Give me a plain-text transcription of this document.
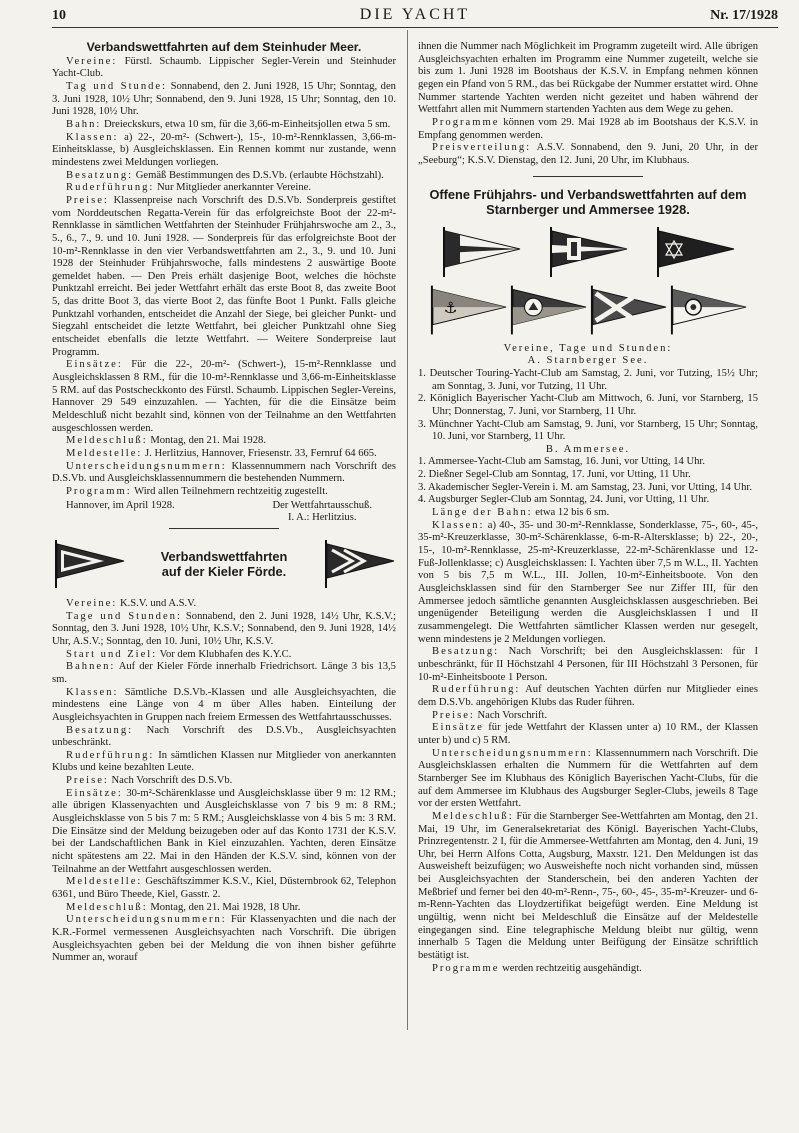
10	DIE YACHT	Nr. 17/1928
Verbandswettfahrten auf dem Steinhuder Meer.

Vereine: Fürstl. Schaumb. Lippischer Segler-Verein und Steinhuder Yacht-Club.

Tag und Stunde: Sonnabend, den 2. Juni 1928, 15 Uhr; Sonntag, den 3. Juni 1928, 10½ Uhr; Sonnabend, den 9. Juni 1928, 15 Uhr; Sonntag, den 10. Juni 1928, 10½ Uhr.

Bahn: Dreieckskurs, etwa 10 sm, für die 3,66-m-Einheitsjollen etwa 5 sm.

Klassen: a) 22-, 20-m²- (Schwert-), 15-, 10-m²-Rennklassen, 3,66-m-Einheitsklasse, b) Ausgleichsklassen. Ein Rennen kommt nur zustande, wenn mindestens zwei Meldungen vorliegen.

Besatzung: Gemäß Bestimmungen des D.S.Vb. (erlaubte Höchstzahl).

Ruderführung: Nur Mitglieder anerkannter Vereine.

Preise: Klassenpreise nach Vorschrift des D.S.Vb. Sonderpreis gestiftet vom Norddeutschen Regatta-Verein für das erfolgreichste Boot der 22-m²-Rennklasse in sämtlichen Wettfahrten der Steinhuder Frühjahrswoche am 2., 3., 5., 6., 7., 9. und 10. Juni 1928. — Sonderpreis für das erfolgreichste Boot der 10-m²-Rennklasse in den vier Verbandswettfahrten am 2., 3., 9. und 10. Juni 1928 der Steinhuder Frühjahrswoche, falls mindestens 2 auswärtige Boote gemeldet haben. — Den Preis erhält dasjenige Boot, welches die höchste Punktzahl erreicht. Bei jeder Wettfahrt erhält das erste Boot 8, das zweite Boot 5, das dritte Boot 3, das vierte Boot 2, das fünfte Boot 1 Punkt. Falls gleiche Punktzahl vorhanden, entscheidet die Anzahl der Siege, bei gleicher Punkt- und Siegzahl entscheidet die letzte Wettfahrt, bei gleicher Punktzahl ohne Sieg entscheidet ebenfalls die letzte Wettfahrt. — Weitere Sonderpreise laut Programm.

Einsätze: Für die 22-, 20-m²- (Schwert-), 15-m²-Rennklasse und Ausgleichsklassen 8 RM., für die 10-m²-Rennklasse und 3,66-m-Einheitsklasse 5 RM. auf das Postscheckkonto des Fürstl. Schaumb. Lippischen Segler-Vereins, Hannover 29 549 einzuzahlen. — Yachten, für die die Einsätze beim Meldeschluß nicht bezahlt sind, können von der Teilnahme an den Wettfahrten ausgeschlossen werden.

Meldeschluß: Montag, den 21. Mai 1928.

Meldestelle: J. Herlitzius, Hannover, Friesenstr. 33, Fernruf 64 665.

Unterscheidungsnummern: Klassennummern nach Vorschrift des D.S.Vb. und Ausgleichsklassennummern die bestehenden Nummern.

Programm: Wird allen Teilnehmern rechtzeitig zugestellt.

Hannover, im April 1928.	Der Wettfahrtausschuß.
I. A.: Herlitzius.
Verbandswettfahrten
auf der Kieler Förde.

Vereine: K.S.V. und A.S.V.

Tage und Stunden: Sonnabend, den 2. Juni 1928, 14½ Uhr, K.S.V.; Sonntag, den 3. Juni 1928, 10½ Uhr, K.S.V.; Sonnabend, den 9. Juni 1928, 14½ Uhr, A.S.V.; Sonntag, den 10. Juni, 10½ Uhr, K.S.V.

Start und Ziel: Vor dem Klubhafen des K.Y.C.

Bahnen: Auf der Kieler Förde innerhalb Friedrichsort. Länge 3 bis 13,5 sm.

Klassen: Sämtliche D.S.Vb.-Klassen und alle Ausgleichsyachten, die mindestens eine Länge von 4 m über Alles haben. Einteilung der Ausgleichsyachten in Gruppen nach freiem Ermessen des Wettfahrtausschusses.

Besatzung: Nach Vorschrift des D.S.Vb., Ausgleichsyachten unbeschränkt.

Ruderführung: In sämtlichen Klassen nur Mitglieder von anerkannten Klubs und keine bezahlten Leute.

Preise: Nach Vorschrift des D.S.Vb.

Einsätze: 30-m²-Schärenklasse und Ausgleichsklasse über 9 m: 12 RM.; alle übrigen Klassenyachten und Ausgleichsklasse von 7 bis 9 m: 8 RM.; Ausgleichsklasse von 5 bis 7 m: 5 RM.; Ausgleichsklasse von 4 bis 5 m: 3 RM. Die Einsätze sind der Meldung beizugeben oder auf das Konto 1731 der K.S.V. bei der Landschaftlichen Bank in Kiel einzuzahlen. Yachten, deren Einsätze nicht spätestens am 22. Mai in den Händen der K.S.V. sind, können von der Teilnahme an der Wettfahrt ausgeschlossen werden.

Meldestelle: Geschäftszimmer K.S.V., Kiel, Düsternbrook 62, Telephon 6361, und Büro Theede, Kiel, Gasstr. 2.

Meldeschluß: Montag, den 21. Mai 1928, 18 Uhr.

Unterscheidungsnummern: Für Klassenyachten und die nach der K.R.-Formel vermessenen Ausgleichsyachten nach Vorschrift. Die übrigen Ausgleichsyachten geben bei der Meldung die von ihnen bisher geführte Nummer an, worauf

ihnen die Nummer nach Möglichkeit im Programm zugeteilt wird. Alle übrigen Ausgleichsyachten erhalten im Programm eine Nummer zugeteilt, welche sie bis zum 1. Juni 1928 im Bootshaus der K.S.V. in Empfang nehmen können gegen ein Pfand von 5 RM., das bei Rückgabe der Nummer erstattet wird. Ohne Nummer startende Yachten werden nicht gezeitet und haben während der Wettfahrt allen mit Nummern startenden Yachten aus dem Wege zu gehen.

Programme können vom 29. Mai 1928 ab im Bootshaus der K.S.V. in Empfang genommen werden.

Preisverteilung: A.S.V. Sonnabend, den 9. Juni, 20 Uhr, in der „Seeburg“; K.S.V. Dienstag, den 12. Juni, 20 Uhr, im Klubhaus.

Offene Frühjahrs- und Verbandswettfahrten auf dem Starnberger und Ammersee 1928.
⚓

Vereine, Tage und Stunden:

A. Starnberger See.

1. Deutscher Touring-Yacht-Club am Samstag, 2. Juni, vor Tutzing, 15½ Uhr; am Sonntag, 3. Juni, vor Tutzing, 11 Uhr.

2. Königlich Bayerischer Yacht-Club am Mittwoch, 6. Juni, vor Starnberg, 15 Uhr; Donnerstag, 7. Juni, vor Starnberg, 11 Uhr.

3. Münchner Yacht-Club am Samstag, 9. Juni, vor Starnberg, 15 Uhr; Sonntag, 10. Juni, vor Starnberg, 11 Uhr.

B. Ammersee.

1. Ammersee-Yacht-Club am Samstag, 16. Juni, vor Utting, 14 Uhr.

2. Dießner Segel-Club am Sonntag, 17. Juni, vor Utting, 11 Uhr.

3. Akademischer Segler-Verein i. M. am Samstag, 23. Juni, vor Utting, 14 Uhr.

4. Augsburger Segler-Club am Sonntag, 24. Juni, vor Utting, 11 Uhr.

Länge der Bahn: etwa 12 bis 6 sm.

Klassen: a) 40-, 35- und 30-m²-Rennklasse, Sonderklasse, 75-, 60-, 45-, 35-m²-Kreuzerklasse, 30-m²-Schärenklasse, 6-m-R-Altersklasse; b) 22-, 20-, 15-, 10-m²-Rennklasse, 25-m²-Kreuzerklasse, 22-m²-Schärenklasse und 12-Fuß-Jollenklasse; c) Ausgleichsklassen: I. Yachten über 7,5 m W.L., II. Yachten von 5 bis 7,5 m W.L., III. Jollen, 10-m²-Einheitsboote. Von den Ausgleichsklassen sind für den Starnberger See nur Ziffer III, für den Ammersee jedoch sämtliche genannten Ausgleichsklassen ausgeschrieben. Bei ungenügender Beteiligung werden die Ausgleichsklassen I und II zusammengelegt. Die Wettfahrten sämtlicher Klassen werden nur gesegelt, wenn mindestens je 2 Meldungen vorliegen.

Besatzung: Nach Vorschrift; bei den Ausgleichsklassen: für I unbeschränkt, für II Höchstzahl 4 Personen, für III Höchstzahl 3 Personen, für 10-m²-Einheitsboote 1 Person.

Ruderführung: Auf deutschen Yachten dürfen nur Mitglieder eines dem D.S.Vb. angehörigen Klubs das Ruder führen.

Preise: Nach Vorschrift.

Einsätze für jede Wettfahrt der Klassen unter a) 10 RM., der Klassen unter b) und c) 5 RM.

Unterscheidungsnummern: Klassennummern nach Vorschrift. Die Ausgleichsklassen erhalten die Nummern für die Wettfahrten auf dem Starnberger See im Klubhaus des Königlich Bayerischen Yacht-Clubs, für die auf dem Ammersee im Klubhaus des Augsburger Segler-Clubs, jeweils 8 Tage vor der ersten Wettfahrt.

Meldeschluß: Für die Starnberger See-Wettfahrten am Montag, den 21. Mai, 19 Uhr, im Generalsekretariat des Königl. Bayerischen Yacht-Clubs, Prinzregentenstr. 2 I, für die Ammersee-Wettfahrten am Montag, den 4. Juni, 19 Uhr, bei Herrn Alfons Cotta, Augsburg, Maxstr. 121. Den Meldungen ist das Ausweisheft beizufügen; wo Ausweishefte noch nicht vorhanden sind, müssen bei Ausgleichsyachten der Standerschein, bei den anderen Yachten der Meßbrief und ferner bei den 40-m²-Renn-, 75-, 60-, 45-, 35-m²-Kreuzer- und 6-m-Renn-Yachten das Lloydzertifikat beigefügt werden. Eine Meldung ist ungültig, wenn nicht bei Meldeschluß die Einsätze auf der Meldestelle eingegangen sind. Eine telegraphische Meldung bleibt nur gültig, wenn innerhalb 5 Tagen die Meldung unter Beifügung der Einsätze schriftlich bestätigt ist.

Programme werden rechtzeitig ausgehändigt.
